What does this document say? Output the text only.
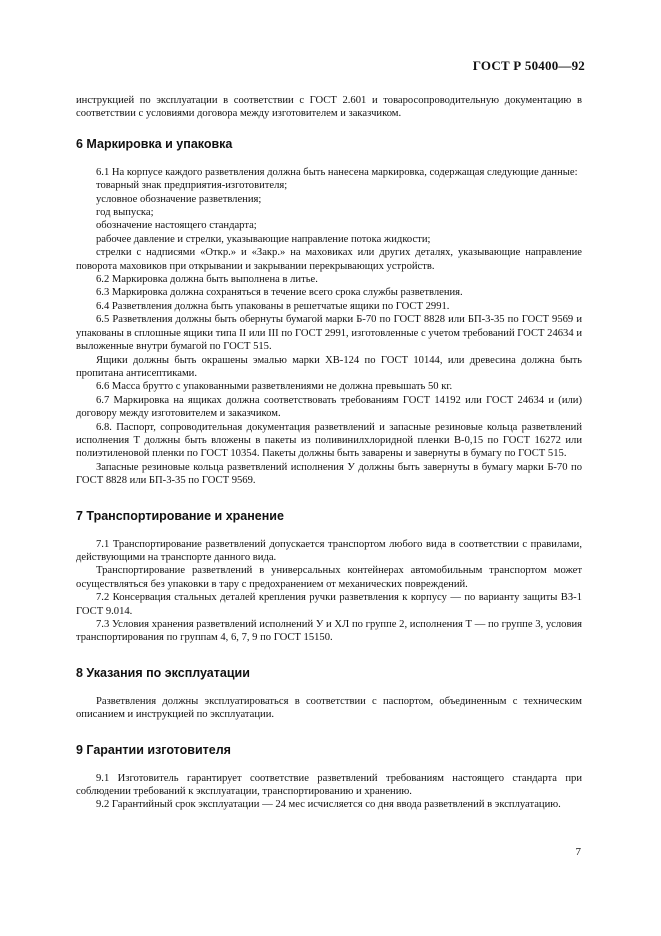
ГОСТ Р 50400—92

инструкцией по эксплуатации в соответствии с ГОСТ 2.601 и товаросопроводительную документацию в соответствии с условиями договора между изготовителем и заказчиком.

6 Маркировка и упаковка

6.1 На корпусе каждого разветвления должна быть нанесена маркировка, содержащая следующие данные:

товарный знак предприятия-изготовителя;

условное обозначение разветвления;

год выпуска;

обозначение настоящего стандарта;

рабочее давление и стрелки, указывающие направление потока жидкости;

стрелки с надписями «Откр.» и «Закр.» на маховиках или других деталях, указывающие направление поворота маховиков при открывании и закрывании перекрывающих устройств.

6.2 Маркировка должна быть выполнена в литье.

6.3 Маркировка должна сохраняться в течение всего срока службы разветвления.

6.4 Разветвления должна быть упакованы в решетчатые ящики по ГОСТ 2991.

6.5 Разветвления должны быть обернуты бумагой марки Б-70 по ГОСТ 8828 или БП-3-35 по ГОСТ 9569 и упакованы в сплошные ящики типа II или III по ГОСТ 2991, изготовленные с учетом требований ГОСТ 24634 и выложенные внутри бумагой по ГОСТ 515.

Ящики должны быть окрашены эмалью марки ХВ-124 по ГОСТ 10144, или древесина должна быть пропитана антисептиками.

6.6 Масса брутто с упакованными разветвлениями не должна превышать 50 кг.

6.7 Маркировка на ящиках должна соответствовать требованиям ГОСТ 14192 или ГОСТ 24634 и (или) договору между изготовителем и заказчиком.

6.8. Паспорт, сопроводительная документация разветвлений и запасные резиновые кольца разветвлений исполнения Т должны быть вложены в пакеты из поливинилхлоридной пленки В-0,15 по ГОСТ 16272 или полиэтиленовой пленки по ГОСТ 10354. Пакеты должны быть заварены и завернуты в бумагу по ГОСТ 515.

Запасные резиновые кольца разветвлений исполнения У должны быть завернуты в бумагу марки Б-70 по ГОСТ 8828 или БП-3-35 по ГОСТ 9569.

7 Транспортирование и хранение

7.1 Транспортирование разветвлений допускается транспортом любого вида в соответствии с правилами, действующими на транспорте данного вида.

Транспортирование разветвлений в универсальных контейнерах автомобильным транспортом может осуществляться без упаковки в тару с предохранением от механических повреждений.

7.2 Консервация стальных деталей крепления ручки разветвления к корпусу — по варианту защиты ВЗ-1 ГОСТ 9.014.

7.3 Условия хранения разветвлений исполнений У и ХЛ по группе 2, исполнения Т — по группе 3, условия транспортирования по группам 4, 6, 7, 9 по ГОСТ 15150.

8 Указания по эксплуатации

Разветвления должны эксплуатироваться в соответствии с паспортом, объединенным с техническим описанием и инструкцией по эксплуатации.

9 Гарантии изготовителя

9.1 Изготовитель гарантирует соответствие разветвлений требованиям настоящего стандарта при соблюдении требований к эксплуатации, транспортированию и хранению.

9.2 Гарантийный срок эксплуатации — 24 мес исчисляется со дня ввода разветвлений в эксплуатацию.

7
